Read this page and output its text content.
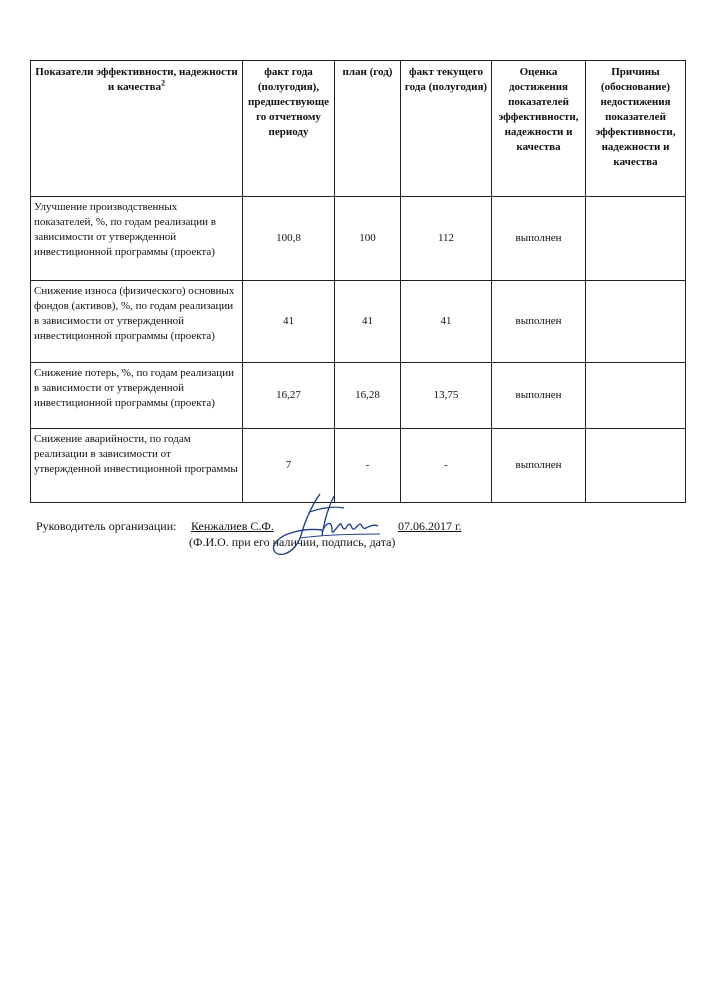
Показатели эффективности, надежности и качества$^2$	факт года (полугодия), предшествующе го отчетному периоду	план (год)	факт текущего года (полугодия)	Оценка достижения показателей эффективности, надежности и качества	Причины (обоснование) недостижения показателей эффективности, надежности и качества
Улучшение производственных показателей, %, по годам реализации в зависимости от утвержденной инвестиционной программы (проекта)	100,8	100	112	выполнен	
Снижение износа (физического) основных фондов (активов), %, по годам реализации в зависимости от утвержденной инвестиционной программы (проекта)	41	41	41	выполнен	
Снижение потерь, %, по годам реализации в зависимости от утвержденной инвестиционной программы (проекта)	16,27	16,28	13,75	выполнен	
Снижение аварийности, по годам реализации в зависимости от утвержденной инвестиционной программы	7	-	-	выполнен	
Руководитель организации: Кенжалиев С.Ф.	07.06.2017 г.
(Ф.И.О. при его наличии, подпись, дата)
